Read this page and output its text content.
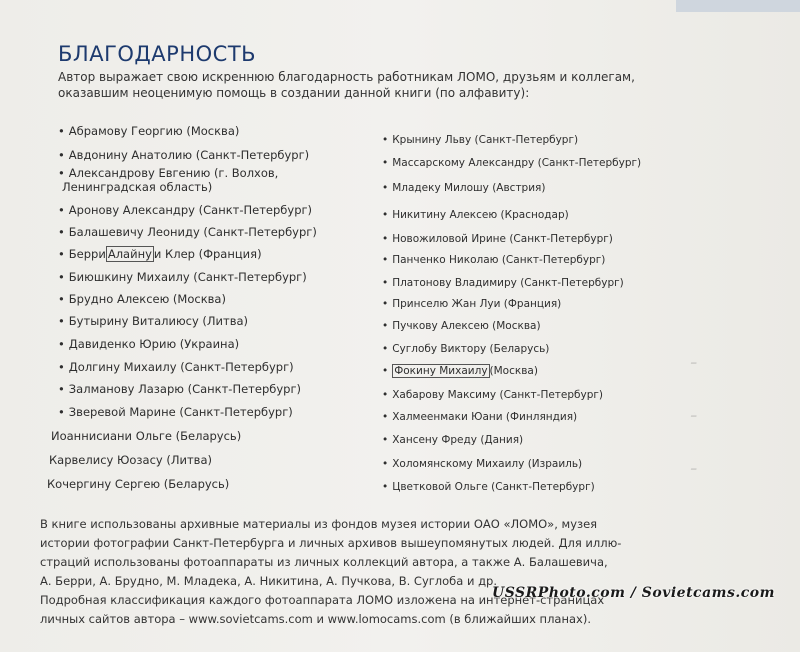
БЛАГОДАРНОСТЬ
Автор выражает свою искреннюю благодарность работникам ЛОМО, друзьям и коллегам, оказавшим неоценимую помощь в создании данной книги (по алфавиту):
• Абрамову Георгию (Москва)
• Авдонину Анатолию (Санкт-Петербург)
• Александрову Евгению (г. Волхов,
Ленинградская область)
• Аронову Александру (Санкт-Петербург)
• Балашевичу Леониду (Санкт-Петербург)
• Берри Алайну и Клер (Франция)
• Биюшкину Михаилу (Санкт-Петербург)
• Брудно Алексею (Москва)
• Бутырину Виталиюсу (Литва)
• Давиденко Юрию (Украина)
• Долгину Михаилу (Санкт-Петербург)
• Залманову Лазарю (Санкт-Петербург)
• Зверевой Марине (Санкт-Петербург)
Иоаннисиани Ольге (Беларусь)
Карвелису Юозасу (Литва)
Кочергину Сергею (Беларусь)
• Крынину Льву (Санкт-Петербург)
• Массарскому Александру (Санкт-Петербург)
• Младеку Милошу (Австрия)
• Никитину Алексею (Краснодар)
• Новожиловой Ирине (Санкт-Петербург)
• Панченко Николаю (Санкт-Петербург)
• Платонову Владимиру (Санкт-Петербург)
• Принселю Жан Луи (Франция)
• Пучкову Алексею (Москва)
• Суглобу Виктору (Беларусь)
• Фокину Михаилу (Москва)
• Хабарову Максиму (Санкт-Петербург)
• Халмеенмаки Юани (Финляндия)
• Хансену Фреду (Дания)
• Холомянскому Михаилу (Израиль)
• Цветковой Ольге (Санкт-Петербург)
-
-
-

В книге использованы архивные материалы из фондов музея истории ОАО «ЛОМО», музея

истории фотографии Санкт-Петербурга и личных архивов вышеупомянутых людей. Для иллю-

страций использованы фотоаппараты из личных коллекций автора, а также А. Балашевича,

А. Берри, А. Брудно, М. Младека, А. Никитина, А. Пучкова, В. Суглоба и др.

Подробная классификация каждого фотоаппарата ЛОМО изложена на интернет-страницах

личных сайтов автора – www.sovietcams.com и www.lomocams.com (в ближайших планах).

USSRPhoto.com / Sovietcams.com
